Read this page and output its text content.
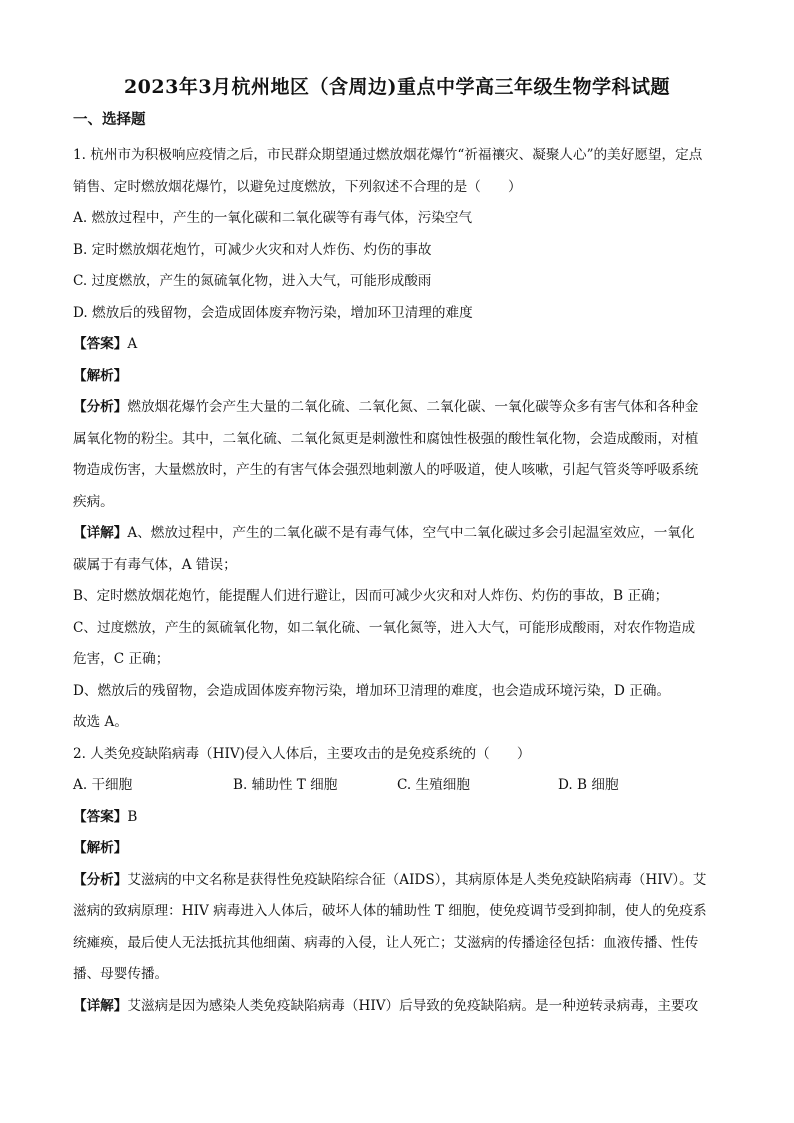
2023年3月杭州地区（含周边)重点中学高三年级生物学科试题
一、选择题

1. 杭州市为积极响应疫情之后，市民群众期望通过燃放烟花爆竹“祈福禳灾、凝聚人心”的美好愿望，定点

销售、定时燃放烟花爆竹，以避免过度燃放，下列叙述不合理的是（　　）

A. 燃放过程中，产生的一氧化碳和二氧化碳等有毒气体，污染空气

B. 定时燃放烟花炮竹，可减少火灾和对人炸伤、灼伤的事故

C. 过度燃放，产生的氮硫氧化物，进入大气，可能形成酸雨

D. 燃放后的残留物，会造成固体废弃物污染，增加环卫清理的难度

【答案】A

【解析】

【分析】燃放烟花爆竹会产生大量的二氧化硫、二氧化氮、二氧化碳、一氧化碳等众多有害气体和各种金

属氧化物的粉尘。其中，二氧化硫、二氧化氮更是刺激性和腐蚀性极强的酸性氧化物，会造成酸雨，对植

物造成伤害，大量燃放时，产生的有害气体会强烈地刺激人的呼吸道，使人咳嗽，引起气管炎等呼吸系统

疾病。

【详解】A、燃放过程中，产生的二氧化碳不是有毒气体，空气中二氧化碳过多会引起温室效应，一氧化

碳属于有毒气体，A 错误；

B、定时燃放烟花炮竹，能提醒人们进行避让，因而可减少火灾和对人炸伤、灼伤的事故，B 正确；

C、过度燃放，产生的氮硫氧化物，如二氧化硫、一氧化氮等，进入大气，可能形成酸雨，对农作物造成

危害，C 正确；

D、燃放后的残留物，会造成固体废弃物污染，增加环卫清理的难度，也会造成环境污染，D 正确。

故选 A。

2. 人类免疫缺陷病毒（HIV)侵入人体后，主要攻击的是免疫系统的（　　）

A. 干细胞	B. 辅助性 T 细胞	C. 生殖细胞	D. B 细胞

【答案】B

【解析】

【分析】艾滋病的中文名称是获得性免疫缺陷综合征（AIDS），其病原体是人类免疫缺陷病毒（HIV）。艾

滋病的致病原理：HIV 病毒进入人体后，破坏人体的辅助性 T 细胞，使免疫调节受到抑制，使人的免疫系

统瘫痪，最后使人无法抵抗其他细菌、病毒的入侵，让人死亡；艾滋病的传播途径包括：血液传播、性传

播、母婴传播。

【详解】艾滋病是因为感染人类免疫缺陷病毒（HIV）后导致的免疫缺陷病。是一种逆转录病毒，主要攻
